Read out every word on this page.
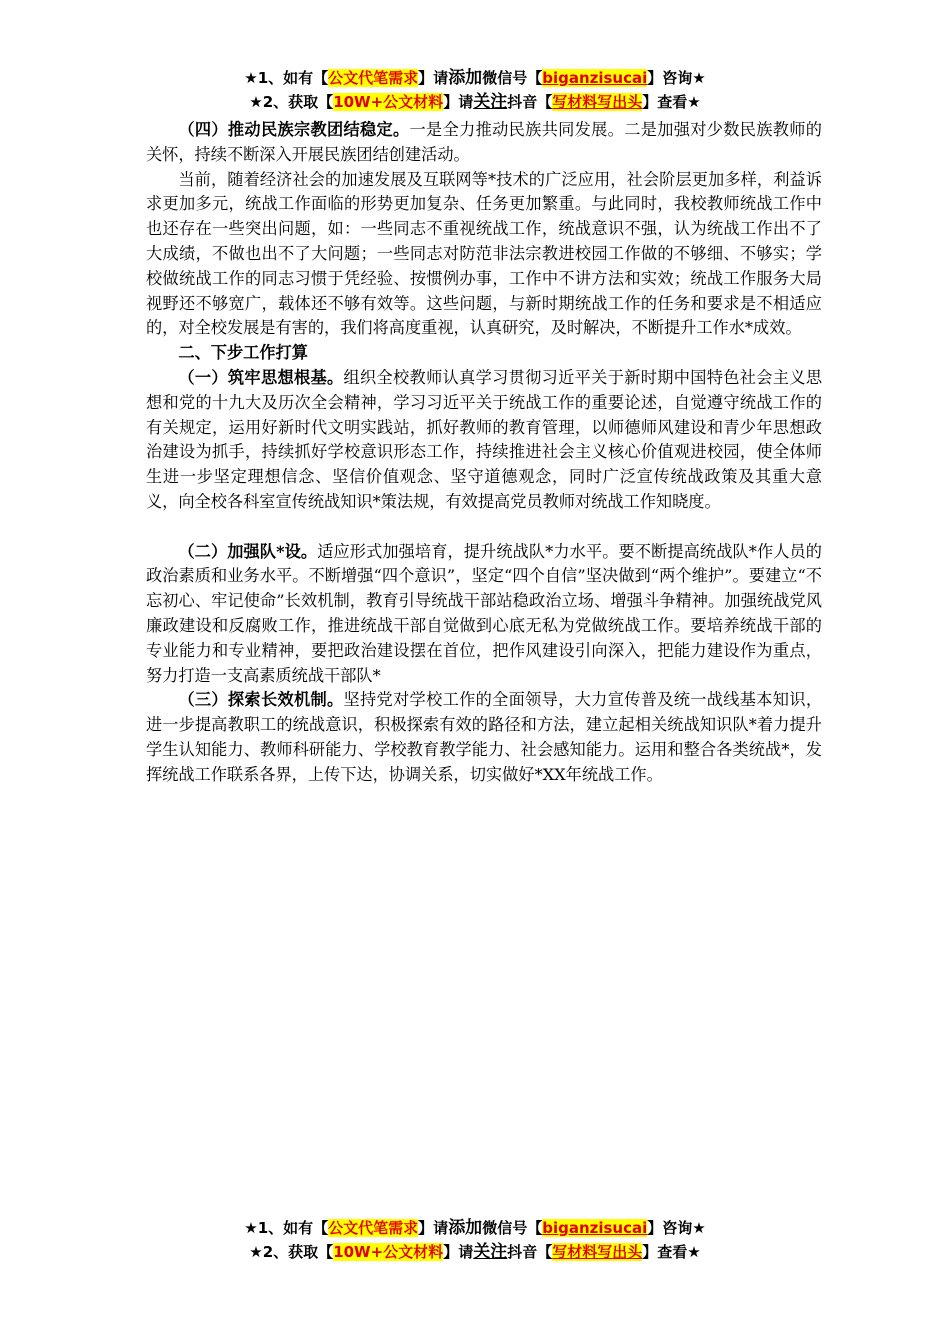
★1、如有【公文代笔需求】请添加微信号【biganzisucai】咨询★
★2、获取【10W+公文材料】请关注抖音【写材料写出头】查看★

（四）推动民族宗教团结稳定。一是全力推动民族共同发展。二是加强对少数民族教师的关怀，持续不断深入开展民族团结创建活动。

当前，随着经济社会的加速发展及互联网等*技术的广泛应用，社会阶层更加多样，利益诉求更加多元，统战工作面临的形势更加复杂、任务更加繁重。与此同时，我校教师统战工作中也还存在一些突出问题，如：一些同志不重视统战工作，统战意识不强，认为统战工作出不了大成绩，不做也出不了大问题；一些同志对防范非法宗教进校园工作做的不够细、不够实；学校做统战工作的同志习惯于凭经验、按惯例办事，工作中不讲方法和实效；统战工作服务大局视野还不够宽广，载体还不够有效等。这些问题，与新时期统战工作的任务和要求是不相适应的，对全校发展是有害的，我们将高度重视，认真研究，及时解决，不断提升工作水*成效。

二、下步工作打算

（一）筑牢思想根基。组织全校教师认真学习贯彻习近平关于新时期中国特色社会主义思想和党的十九大及历次全会精神，学习习近平关于统战工作的重要论述，自觉遵守统战工作的有关规定，运用好新时代文明实践站，抓好教师的教育管理，以师德师风建设和青少年思想政治建设为抓手，持续抓好学校意识形态工作，持续推进社会主义核心价值观进校园，使全体师生进一步坚定理想信念、坚信价值观念、坚守道德观念，同时广泛宣传统战政策及其重大意义，向全校各科室宣传统战知识*策法规，有效提高党员教师对统战工作知晓度。

（二）加强队*设。适应形式加强培育，提升统战队*力水平。要不断提高统战队*作人员的政治素质和业务水平。不断增强“四个意识”，坚定“四个自信”坚决做到“两个维护”。要建立“不忘初心、牢记使命”长效机制，教育引导统战干部站稳政治立场、增强斗争精神。加强统战党风廉政建设和反腐败工作，推进统战干部自觉做到心底无私为党做统战工作。要培养统战干部的专业能力和专业精神，要把政治建设摆在首位，把作风建设引向深入，把能力建设作为重点，努力打造一支高素质统战干部队*

（三）探索长效机制。坚持党对学校工作的全面领导，大力宣传普及统一战线基本知识，进一步提高教职工的统战意识，积极探索有效的路径和方法，建立起相关统战知识队*着力提升学生认知能力、教师科研能力、学校教育教学能力、社会感知能力。运用和整合各类统战*，发挥统战工作联系各界，上传下达，协调关系，切实做好*XX年统战工作。

★1、如有【公文代笔需求】请添加微信号【biganzisucai】咨询★
★2、获取【10W+公文材料】请关注抖音【写材料写出头】查看★
